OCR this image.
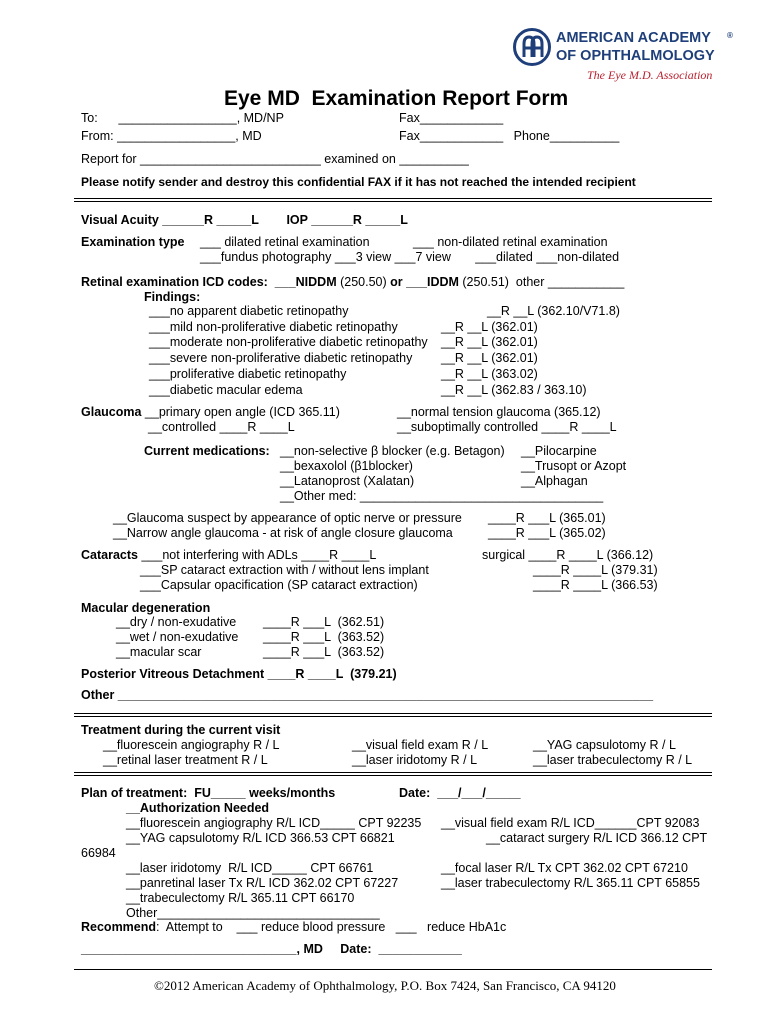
AMERICAN ACADEMY ®
OF OPHTHALMOLOGY
The Eye M.D. Association
Eye MD  Examination Report Form
To:      _________________, MD/NP	Fax____________
From: _________________, MD	Fax____________   Phone__________
Report for __________________________ examined on __________
Please notify sender and destroy this confidential FAX if it has not reached the intended recipient
Visual Acuity ______R _____L        IOP ______R _____L
Examination type ___ dilated retinal examination	___ non-dilated retinal examination
___fundus photography ___3 view ___7 view       ___dilated ___non-dilated
Retinal examination ICD codes:  ___NIDDM (250.50) or ___IDDM (250.51)  other ___________
Findings:
___no apparent diabetic retinopathy	__R __L (362.10/V71.8)
___mild non-proliferative diabetic retinopathy	__R __L (362.01)
___moderate non-proliferative diabetic retinopathy __R __L (362.01)
___severe non-proliferative diabetic retinopathy __R __L (362.01)
___proliferative diabetic retinopathy	__R __L (363.02)
___diabetic macular edema	__R __L (362.83 / 363.10)
Glaucoma __primary open angle (ICD 365.11)	__normal tension glaucoma (365.12)
__controlled ____R ____L	__suboptimally controlled ____R ____L
Current medications: __non-selective β blocker (e.g. Betagon) __Pilocarpine
__bexaxolol (β1blocker)	__Trusopt or Azopt
__Latanoprost (Xalatan)	__Alphagan
__Other med: ___________________________________
__Glaucoma suspect by appearance of optic nerve or pressure ____R ___L (365.01)
__Narrow angle glaucoma - at risk of angle closure glaucoma	____R ___L (365.02)
Cataracts ___not interfering with ADLs ____R ____L	surgical ____R ____L (366.12)
___SP cataract extraction with / without lens implant	____R ____L (379.31)
___Capsular opacification (SP cataract extraction)	____R ____L (366.53)
Macular degeneration
__dry / non-exudative ____R ___L  (362.51)
__wet / non-exudative ____R ___L  (363.52)
__macular scar	____R ___L  (363.52)
Posterior Vitreous Detachment ____R ____L  (379.21)
Other _____________________________________________________________________________
Treatment during the current visit
__fluorescein angiography R / L	__visual field exam R / L	__YAG capsulotomy R / L
__retinal laser treatment R / L	__laser iridotomy R / L	__laser trabeculectomy R / L
Plan of treatment:  FU_____ weeks/months	Date:  ___/___/_____
__Authorization Needed
__fluorescein angiography R/L ICD_____ CPT 92235 __visual field exam R/L ICD______CPT 92083
__YAG capsulotomy R/L ICD 366.53 CPT 66821	__cataract surgery R/L ICD 366.12 CPT
66984
__laser iridotomy  R/L ICD_____ CPT 66761	__focal laser R/L Tx CPT 362.02 CPT 67210
__panretinal laser Tx R/L ICD 362.02 CPT 67227	__laser trabeculectomy R/L 365.11 CPT 65855
__trabeculectomy R/L 365.11 CPT 66170
Other________________________________
Recommend:  Attempt to    ___ reduce blood pressure   ___   reduce HbA1c
_______________________________, MD     Date:  ____________
©2012 American Academy of Ophthalmology, P.O. Box 7424, San Francisco, CA 94120
